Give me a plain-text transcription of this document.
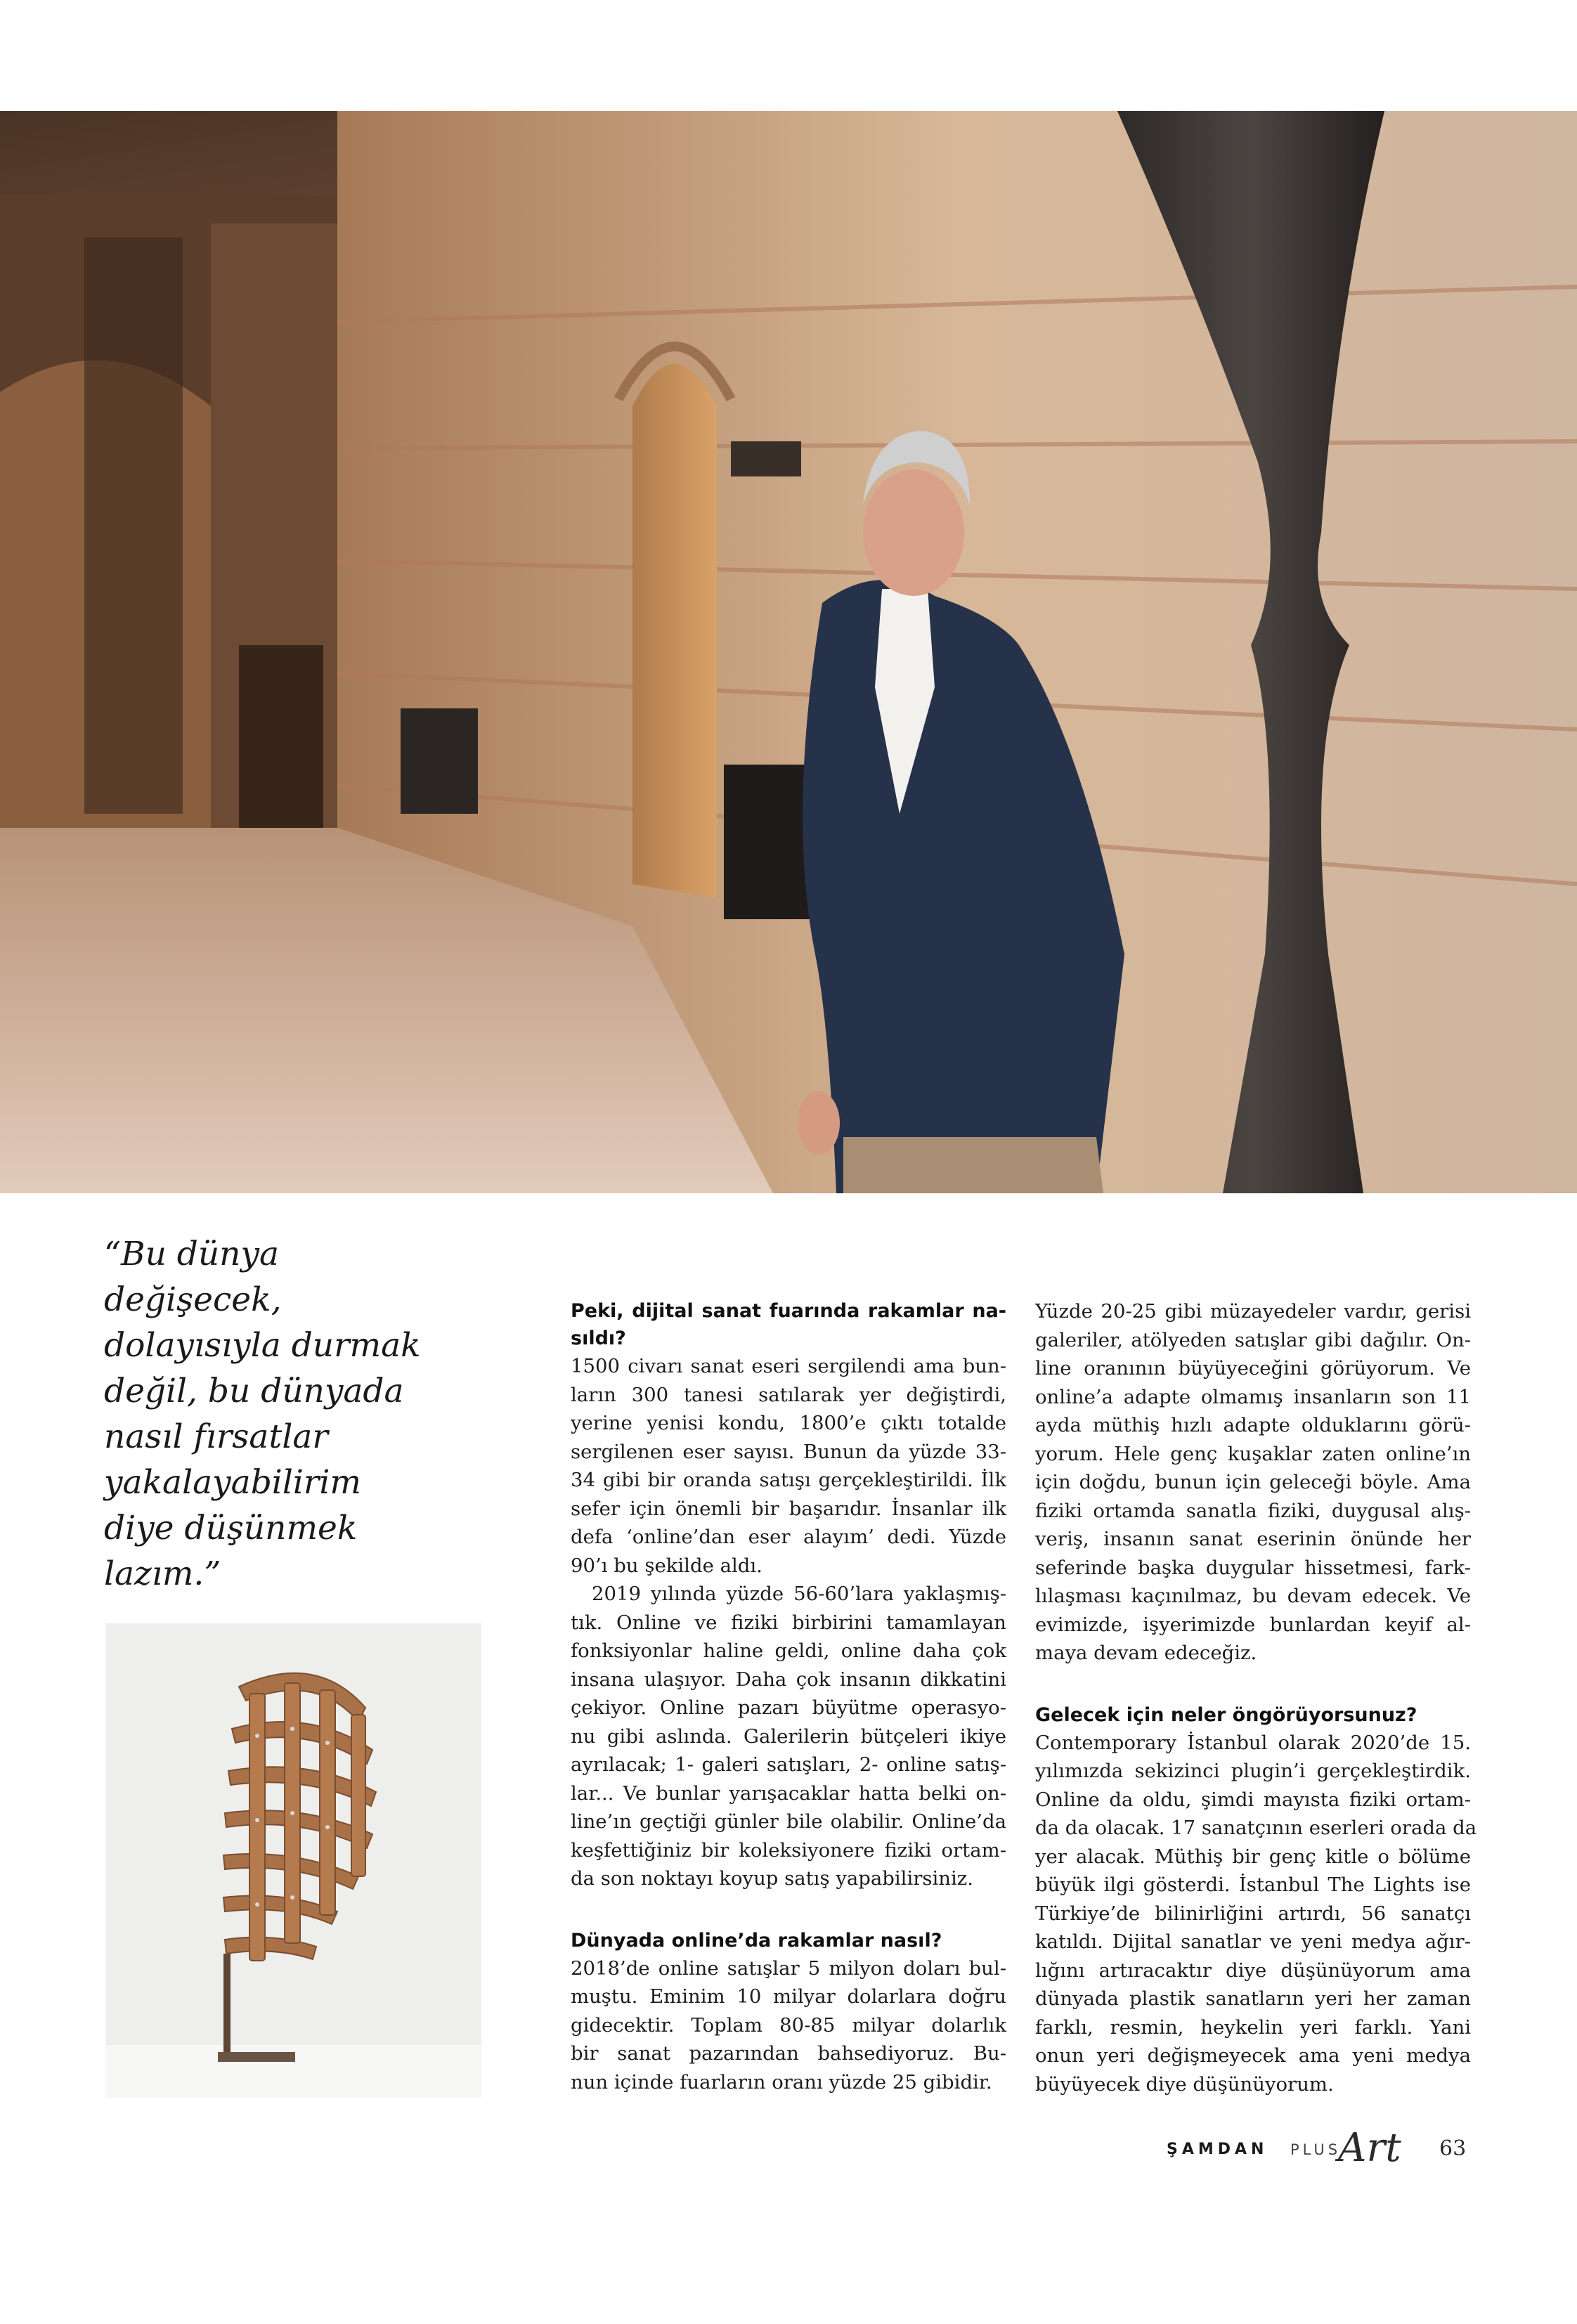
“Bu dünya
değişecek,
dolayısıyla durmak
değil, bu dünyada
nasıl fırsatlar
yakalayabilirim
diye düşünmek
lazım.”
Peki, dijital sanat fuarında rakamlar na-
sıldı?
1500 civarı sanat eseri sergilendi ama bun-
ların 300 tanesi satılarak yer değiştirdi,
yerine yenisi kondu, 1800’e çıktı totalde
sergilenen eser sayısı. Bunun da yüzde 33-
34 gibi bir oranda satışı gerçekleştirildi. İlk
sefer için önemli bir başarıdır. İnsanlar ilk
defa ‘online’dan eser alayım’ dedi. Yüzde
90’ı bu şekilde aldı.
2019 yılında yüzde 56-60’lara yaklaşmış-
tık. Online ve fiziki birbirini tamamlayan
fonksiyonlar haline geldi, online daha çok
insana ulaşıyor. Daha çok insanın dikkatini
çekiyor. Online pazarı büyütme operasyo-
nu gibi aslında. Galerilerin bütçeleri ikiye
ayrılacak; 1- galeri satışları, 2- online satış-
lar... Ve bunlar yarışacaklar hatta belki on-
line’ın geçtiği günler bile olabilir. Online’da
keşfettiğiniz bir koleksiyonere fiziki ortam-
da son noktayı koyup satış yapabilirsiniz.
Dünyada online’da rakamlar nasıl?
2018’de online satışlar 5 milyon doları bul-
muştu. Eminim 10 milyar dolarlara doğru
gidecektir. Toplam 80-85 milyar dolarlık
bir sanat pazarından bahsediyoruz. Bu-
nun içinde fuarların oranı yüzde 25 gibidir.
Yüzde 20-25 gibi müzayedeler vardır, gerisi
galeriler, atölyeden satışlar gibi dağılır. On-
line oranının büyüyeceğini görüyorum. Ve
online’a adapte olmamış insanların son 11
ayda müthiş hızlı adapte olduklarını görü-
yorum. Hele genç kuşaklar zaten online’ın
için doğdu, bunun için geleceği böyle. Ama
fiziki ortamda sanatla fiziki, duygusal alış-
veriş, insanın sanat eserinin önünde her
seferinde başka duygular hissetmesi, fark-
lılaşması kaçınılmaz, bu devam edecek. Ve
evimizde, işyerimizde bunlardan keyif al-
maya devam edeceğiz.
Gelecek için neler öngörüyorsunuz?
Contemporary İstanbul olarak 2020’de 15.
yılımızda sekizinci plugin’i gerçekleştirdik.
Online da oldu, şimdi mayısta fiziki ortam-
da da olacak. 17 sanatçının eserleri orada da
yer alacak. Müthiş bir genç kitle o bölüme
büyük ilgi gösterdi. İstanbul The Lights ise
Türkiye’de bilinirliğini artırdı, 56 sanatçı
katıldı. Dijital sanatlar ve yeni medya ağır-
lığını artıracaktır diye düşünüyorum ama
dünyada plastik sanatların yeri her zaman
farklı, resmin, heykelin yeri farklı. Yani
onun yeri değişmeyecek ama yeni medya
büyüyecek diye düşünüyorum.
ŞAMDAN PLUS
Art 63
